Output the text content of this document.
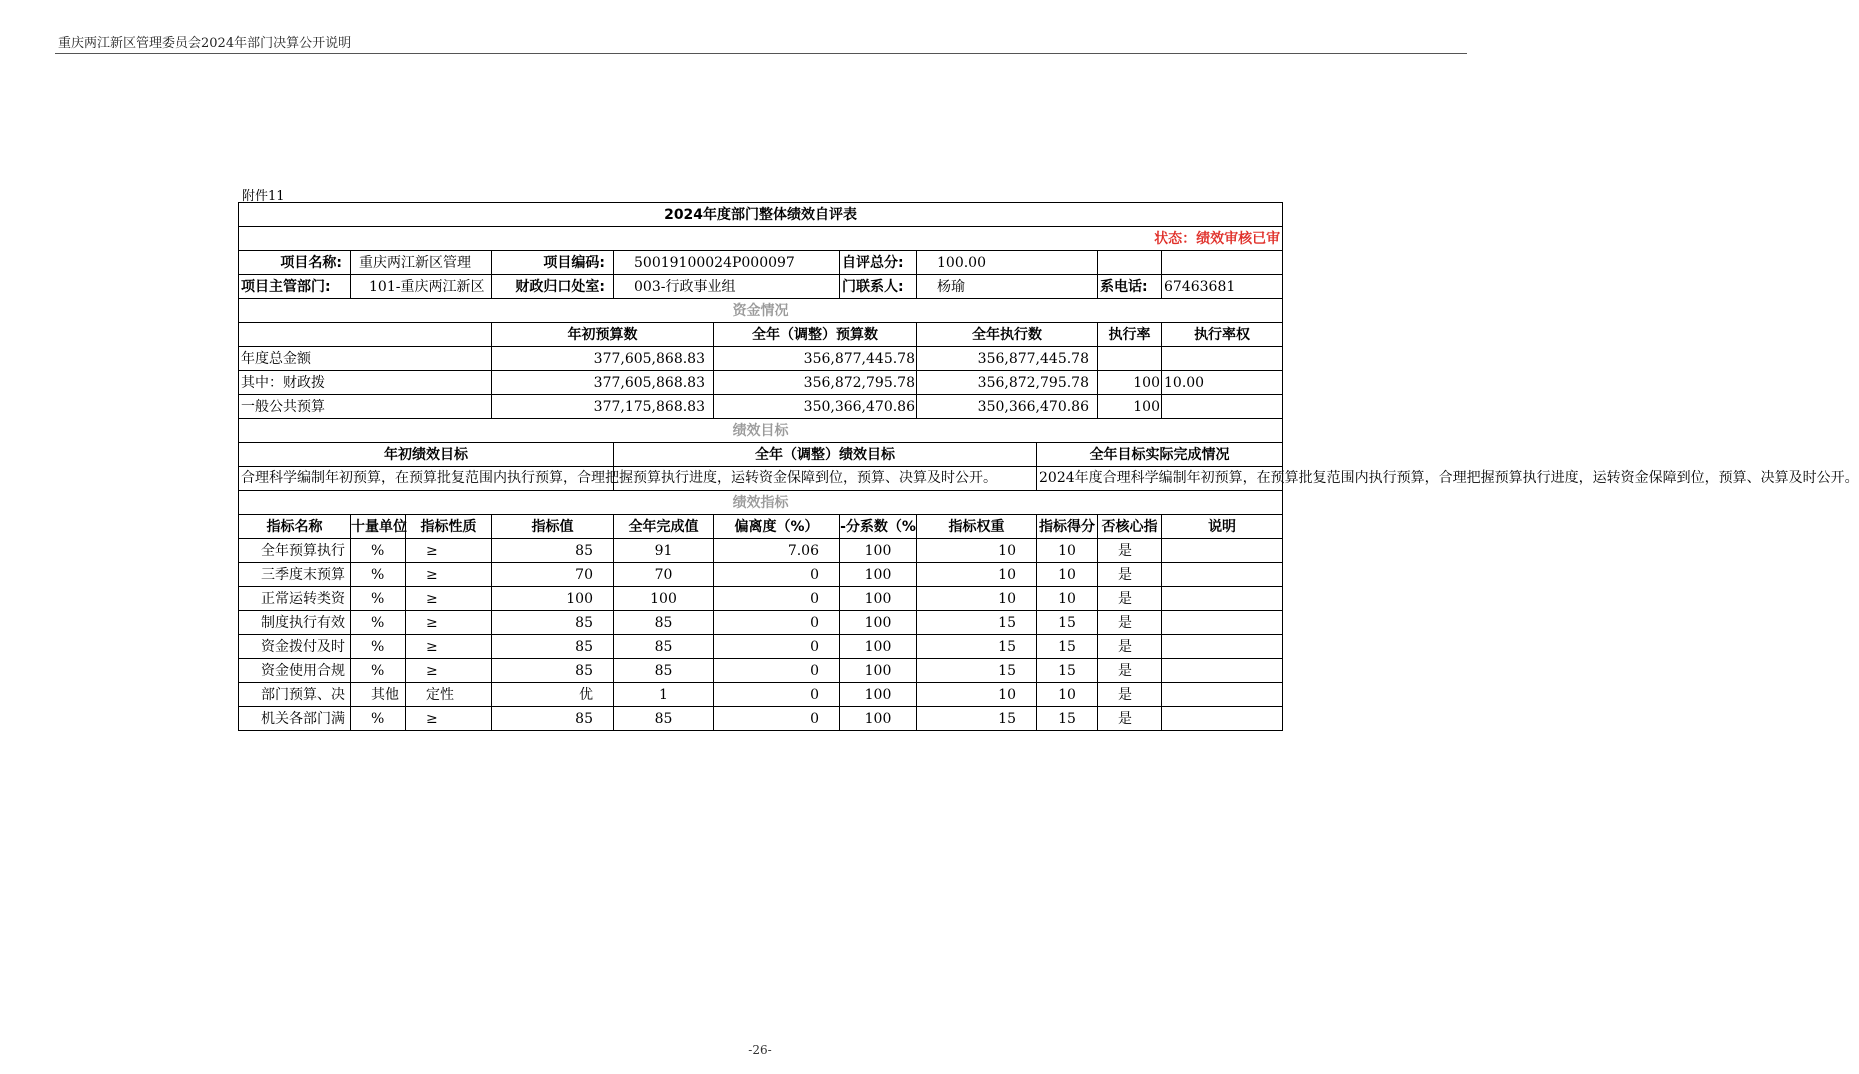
重庆两江新区管理委员会2024年部门决算公开说明
附件11
2024年度部门整体绩效自评表											
状态：绩效审核已审											
项目名称:	重庆两江新区管理		项目编码:	50019100024P000097		自评总分:	100.00				
项目主管部门:	101-重庆两江新区		财政归口处室:	003-行政事业组		门联系人:	杨瑜		系电话:	67463681	
资金情况											
			年初预算数		全年（调整）预算数		全年执行数		执行率	执行率权	
年度总金额			377,605,868.83		356,877,445.78		356,877,445.78				
其中：财政拨			377,605,868.83		356,872,795.78		356,872,795.78		100	10.00	
一般公共预算			377,175,868.83		350,366,470.86		350,366,470.86		100		
绩效目标											
年初绩效目标				全年（调整）绩效目标				全年目标实际完成情况			
合理科学编制年初预算，在预算批复范围内执行预算，合理把握预算执行进度，运转资金保障到位，预算、决算及时公开。								2024年度合理科学编制年初预算，在预算批复范围内执行预算，合理把握预算执行进度，运转资金保障到位，预算、决算及时公开。			
绩效指标											
指标名称	十量单位	指标性质	指标值	全年完成值	偏离度（%）	-分系数（%	指标权重	指标得分	否核心指	说明	
全年预算执行	%	≥	85	91	7.06	100	10	10	是		
三季度末预算	%	≥	70	70	0	100	10	10	是		
正常运转类资	%	≥	100	100	0	100	10	10	是		
制度执行有效	%	≥	85	85	0	100	15	15	是		
资金拨付及时	%	≥	85	85	0	100	15	15	是		
资金使用合规	%	≥	85	85	0	100	15	15	是		
部门预算、决	其他	定性	优	1	0	100	10	10	是		
机关各部门满	%	≥	85	85	0	100	15	15	是		
-26-
